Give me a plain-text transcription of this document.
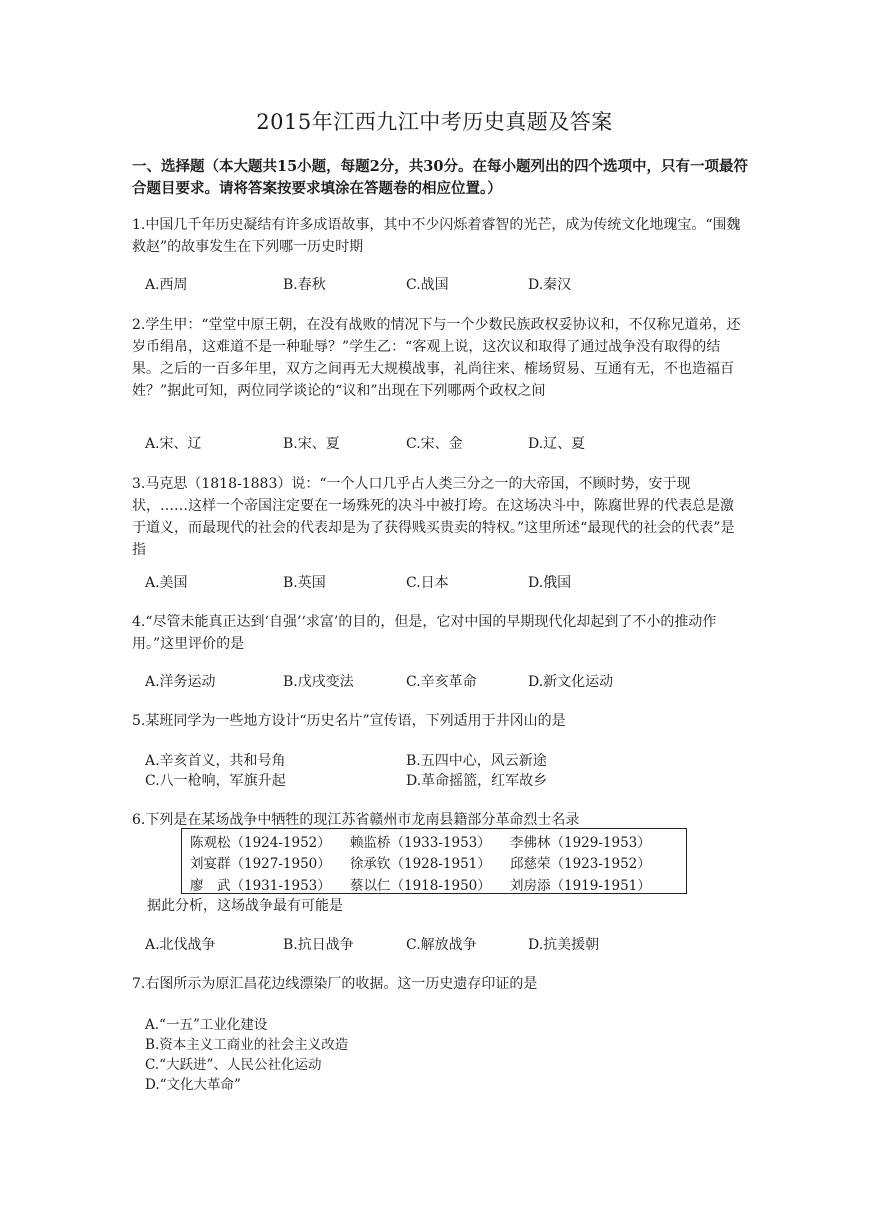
2015年江西九江中考历史真题及答案
一、选择题（本大题共15小题，每题2分，共30分。在每小题列出的四个选项中，只有一项最符合题目要求。请将答案按要求填涂在答题卷的相应位置。）
1.中国几千年历史凝结有许多成语故事，其中不少闪烁着睿智的光芒，成为传统文化地瑰宝。“围魏救赵”的故事发生在下列哪一历史时期
A.西周	B.春秋	C.战国	D.秦汉
2.学生甲：“堂堂中原王朝，在没有战败的情况下与一个少数民族政权妥协议和，不仅称兄道弟，还岁币绢帛，这难道不是一种耻辱？”学生乙：“客观上说，这次议和取得了通过战争没有取得的结果。之后的一百多年里，双方之间再无大规模战事，礼尚往来、榷场贸易、互通有无，不也造福百姓？”据此可知，两位同学谈论的“议和”出现在下列哪两个政权之间
A.宋、辽	B.宋、夏	C.宋、金	D.辽、夏
3.马克思（1818-1883）说：“一个人口几乎占人类三分之一的大帝国，不顾时势，安于现状，……这样一个帝国注定要在一场殊死的决斗中被打垮。在这场决斗中，陈腐世界的代表总是激于道义，而最现代的社会的代表却是为了获得贱买贵卖的特权。”这里所述“最现代的社会的代表”是指
A.美国	B.英国	C.日本	D.俄国
4.“尽管未能真正达到‘自强’‘求富’的目的，但是，它对中国的早期现代化却起到了不小的推动作用。”这里评价的是
A.洋务运动	B.戊戌变法	C.辛亥革命	D.新文化运动
5.某班同学为一些地方设计“历史名片”宣传语，下列适用于井冈山的是
A.辛亥首义，共和号角	B.五四中心，风云新途
C.八一枪响，军旗升起	D.革命摇篮，红军故乡
6.下列是在某场战争中牺牲的现江苏省赣州市龙南县籍部分革命烈士名录
陈观松（1924-1952） 赖监桥（1933-1953） 李佛林（1929-1953）
刘宴群（1927-1950） 徐承钦（1928-1951） 邱慈荣（1923-1952）
廖　武（1931-1953） 蔡以仁（1918-1950） 刘房添（1919-1951）
据此分析，这场战争最有可能是
A.北伐战争	B.抗日战争	C.解放战争	D.抗美援朝
7.右图所示为原汇昌花边线漂染厂的收据。这一历史遗存印证的是
A.“一五”工业化建设
B.资本主义工商业的社会主义改造
C.“大跃进”、人民公社化运动
D.“文化大革命”
